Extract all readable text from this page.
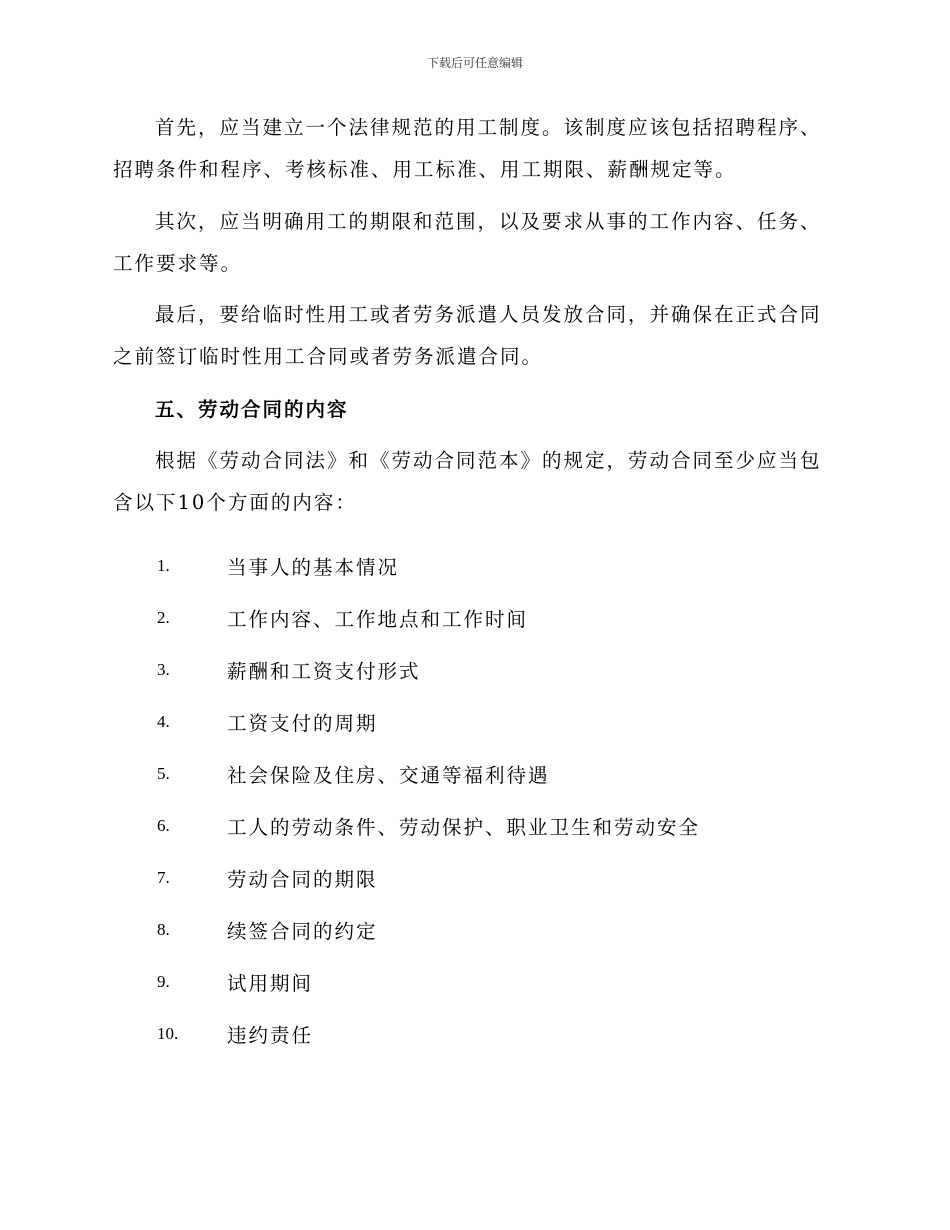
下载后可任意编辑

首先，应当建立一个法律规范的用工制度。该制度应该包括招聘程序、招聘条件和程序、考核标准、用工标准、用工期限、薪酬规定等。

其次，应当明确用工的期限和范围，以及要求从事的工作内容、任务、工作要求等。

最后，要给临时性用工或者劳务派遣人员发放合同，并确保在正式合同之前签订临时性用工合同或者劳务派遣合同。

五、劳动合同的内容

根据《劳动合同法》和《劳动合同范本》的规定，劳动合同至少应当包含以下10个方面的内容：

1.	当事人的基本情况
2.	工作内容、工作地点和工作时间
3.	薪酬和工资支付形式
4.	工资支付的周期
5.	社会保险及住房、交通等福利待遇
6.	工人的劳动条件、劳动保护、职业卫生和劳动安全
7.	劳动合同的期限
8.	续签合同的约定
9.	试用期间
10.	违约责任
